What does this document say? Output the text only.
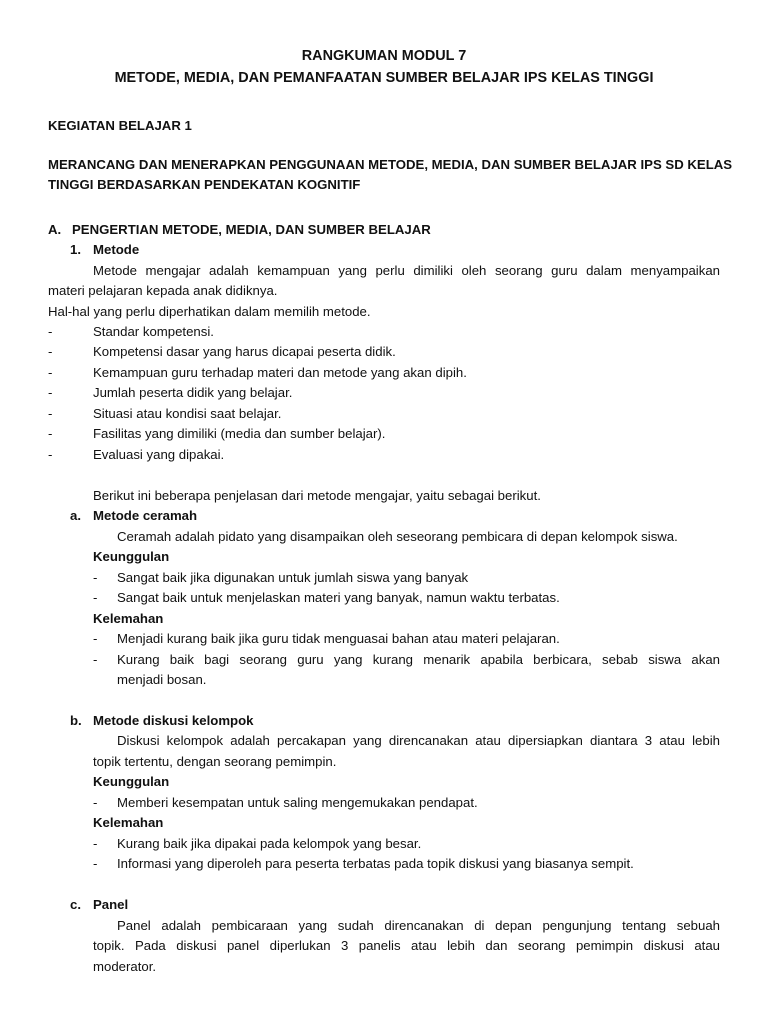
RANGKUMAN MODUL 7
METODE, MEDIA, DAN PEMANFAATAN SUMBER BELAJAR IPS KELAS TINGGI
KEGIATAN BELAJAR 1
MERANCANG DAN MENERAPKAN PENGGUNAAN METODE, MEDIA, DAN SUMBER BELAJAR IPS SD KELAS
TINGGI BERDASARKAN PENDEKATAN KOGNITIF
A. PENGERTIAN METODE, MEDIA, DAN SUMBER BELAJAR
1. Metode
Metode mengajar adalah kemampuan yang perlu dimiliki oleh seorang guru dalam menyampaikan
materi pelajaran kepada anak didiknya.
Hal-hal yang perlu diperhatikan dalam memilih metode.
-	Standar kompetensi.
-	Kompetensi dasar yang harus dicapai peserta didik.
-	Kemampuan guru terhadap materi dan metode yang akan dipih.
-	Jumlah peserta didik yang belajar.
-	Situasi atau kondisi saat belajar.
-	Fasilitas yang dimiliki (media dan sumber belajar).
-	Evaluasi yang dipakai.
Berikut ini beberapa penjelasan dari metode mengajar, yaitu sebagai berikut.
a. Metode ceramah
Ceramah adalah pidato yang disampaikan oleh seseorang pembicara di depan kelompok siswa.
Keunggulan
- Sangat baik jika digunakan untuk jumlah siswa yang banyak
- Sangat baik untuk menjelaskan materi yang banyak, namun waktu terbatas.
Kelemahan
- Menjadi kurang baik jika guru tidak menguasai bahan atau materi pelajaran.
- Kurang baik bagi seorang guru yang kurang menarik apabila berbicara, sebab siswa akan
menjadi bosan.
b. Metode diskusi kelompok
Diskusi kelompok adalah percakapan yang direncanakan atau dipersiapkan diantara 3 atau lebih
topik tertentu, dengan seorang pemimpin.
Keunggulan
- Memberi kesempatan untuk saling mengemukakan pendapat.
Kelemahan
- Kurang baik jika dipakai pada kelompok yang besar.
- Informasi yang diperoleh para peserta terbatas pada topik diskusi yang biasanya sempit.
c. Panel
Panel adalah pembicaraan yang sudah direncanakan di depan pengunjung tentang sebuah
topik. Pada diskusi panel diperlukan 3 panelis atau lebih dan seorang pemimpin diskusi atau
moderator.
